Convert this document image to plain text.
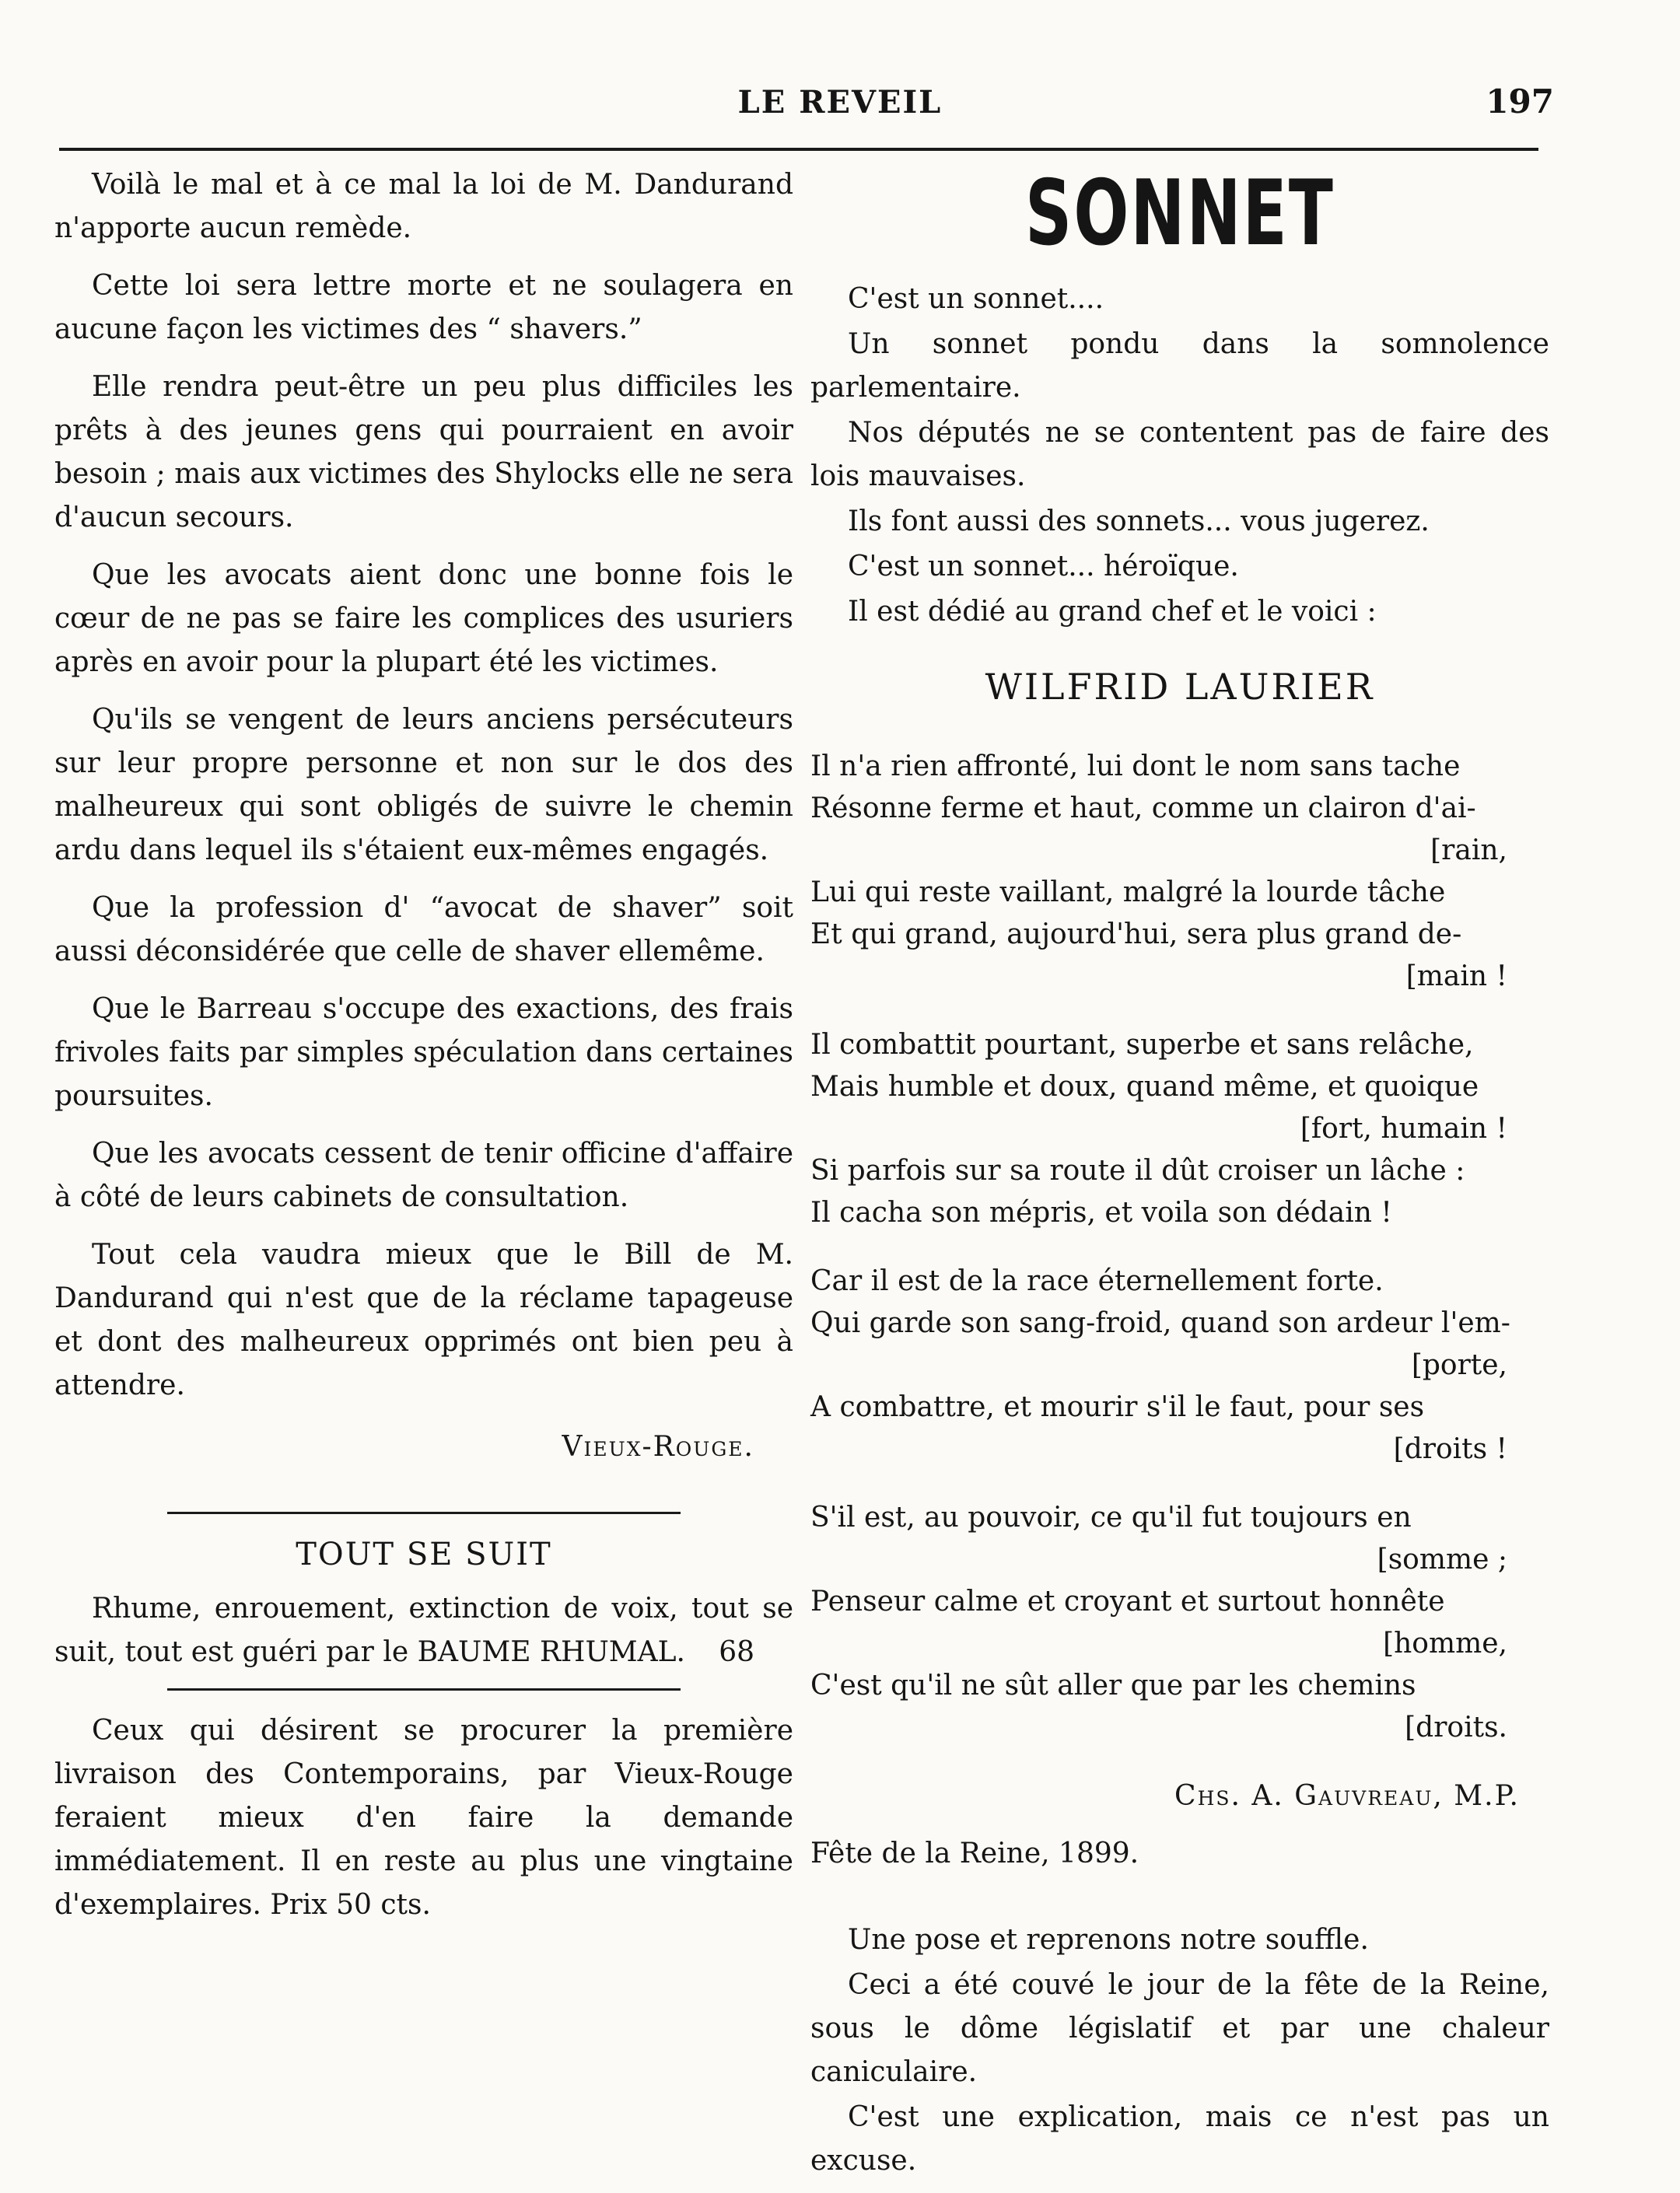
LE REVEIL	197

Voilà le mal et à ce mal la loi de M. Dandurand n'apporte aucun remède.

Cette loi sera lettre morte et ne soulagera en aucune façon les victimes des “ shavers.”

Elle rendra peut-être un peu plus difficiles les prêts à des jeunes gens qui pourraient en avoir besoin ; mais aux victimes des Shylocks elle ne sera d'aucun secours.

Que les avocats aient donc une bonne fois le cœur de ne pas se faire les complices des usuriers après en avoir pour la plupart été les victimes.

Qu'ils se vengent de leurs anciens persécuteurs sur leur propre personne et non sur le dos des malheureux qui sont obligés de suivre le chemin ardu dans lequel ils s'étaient eux-mêmes engagés.

Que la profession d' “avocat de shaver” soit aussi déconsidérée que celle de shaver ellemême.

Que le Barreau s'occupe des exactions, des frais frivoles faits par simples spéculation dans certaines poursuites.

Que les avocats cessent de tenir officine d'affaire à côté de leurs cabinets de consultation.

Tout cela vaudra mieux que le Bill de M. Dandurand qui n'est que de la réclame tapageuse et dont des malheureux opprimés ont bien peu à attendre.

Vieux-Rouge.
TOUT SE SUIT

Rhume, enrouement, extinction de voix, tout se suit, tout est guéri par le BAUME RHUMAL.	68

Ceux qui désirent se procurer la première livraison des Contemporains, par Vieux-Rouge feraient mieux d'en faire la demande immédiatement. Il en reste au plus une vingtaine d'exemplaires. Prix 50 cts.

SONNET

C'est un sonnet....

Un sonnet pondu dans la somnolence parlementaire.

Nos députés ne se contentent pas de faire des lois mauvaises.

Ils font aussi des sonnets... vous jugerez.

C'est un sonnet... héroïque.

Il est dédié au grand chef et le voici :

WILFRID LAURIER
Il n'a rien affronté, lui dont le nom sans tache
Résonne ferme et haut, comme un clairon d'ai-
[rain,
Lui qui reste vaillant, malgré la lourde tâche
Et qui grand, aujourd'hui, sera plus grand de-
[main !
Il combattit pourtant, superbe et sans relâche,
Mais humble et doux, quand même, et quoique
[fort, humain !
Si parfois sur sa route il dût croiser un lâche :
Il cacha son mépris, et voila son dédain !
Car il est de la race éternellement forte.
Qui garde son sang-froid, quand son ardeur l'em-
[porte,
A combattre, et mourir s'il le faut, pour ses
[droits !
S'il est, au pouvoir, ce qu'il fut toujours en
[somme ;
Penseur calme et croyant et surtout honnête
[homme,
C'est qu'il ne sût aller que par les chemins
[droits.
Chs. A. Gauvreau, M.P.
Fête de la Reine, 1899.

Une pose et reprenons notre souffle.

Ceci a été couvé le jour de la fête de la Reine, sous le dôme législatif et par une chaleur caniculaire.

C'est une explication, mais ce n'est pas un excuse.
